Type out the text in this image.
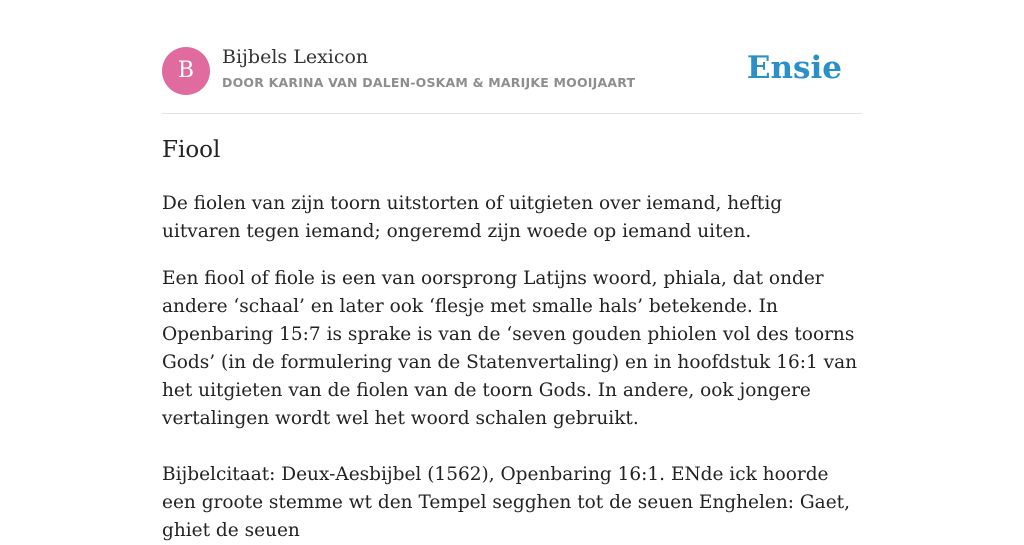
B
Bijbels Lexicon
DOOR KARINA VAN DALEN-OSKAM & MARIJKE MOOIJAART	Ensie
Fiool

De fiolen van zijn toorn uitstorten of uitgieten over iemand, heftig uitvaren tegen iemand; ongeremd zijn woede op iemand uiten.

Een fiool of fiole is een van oorsprong Latijns woord, phiala, dat onder andere ‘schaal’ en later ook ‘flesje met smalle hals’ betekende. In Openbaring 15:7 is sprake is van de ‘seven gouden phiolen vol des toorns Gods’ (in de formulering van de Statenvertaling) en in hoofdstuk 16:1 van het uitgieten van de fiolen van de toorn Gods. In andere, ook jongere vertalingen wordt wel het woord schalen gebruikt.

Bijbelcitaat: Deux-Aesbijbel (1562), Openbaring 16:1. ENde ick hoorde een groote stemme wt den Tempel segghen tot de seuen Enghelen: Gaet, ghiet de seuen
